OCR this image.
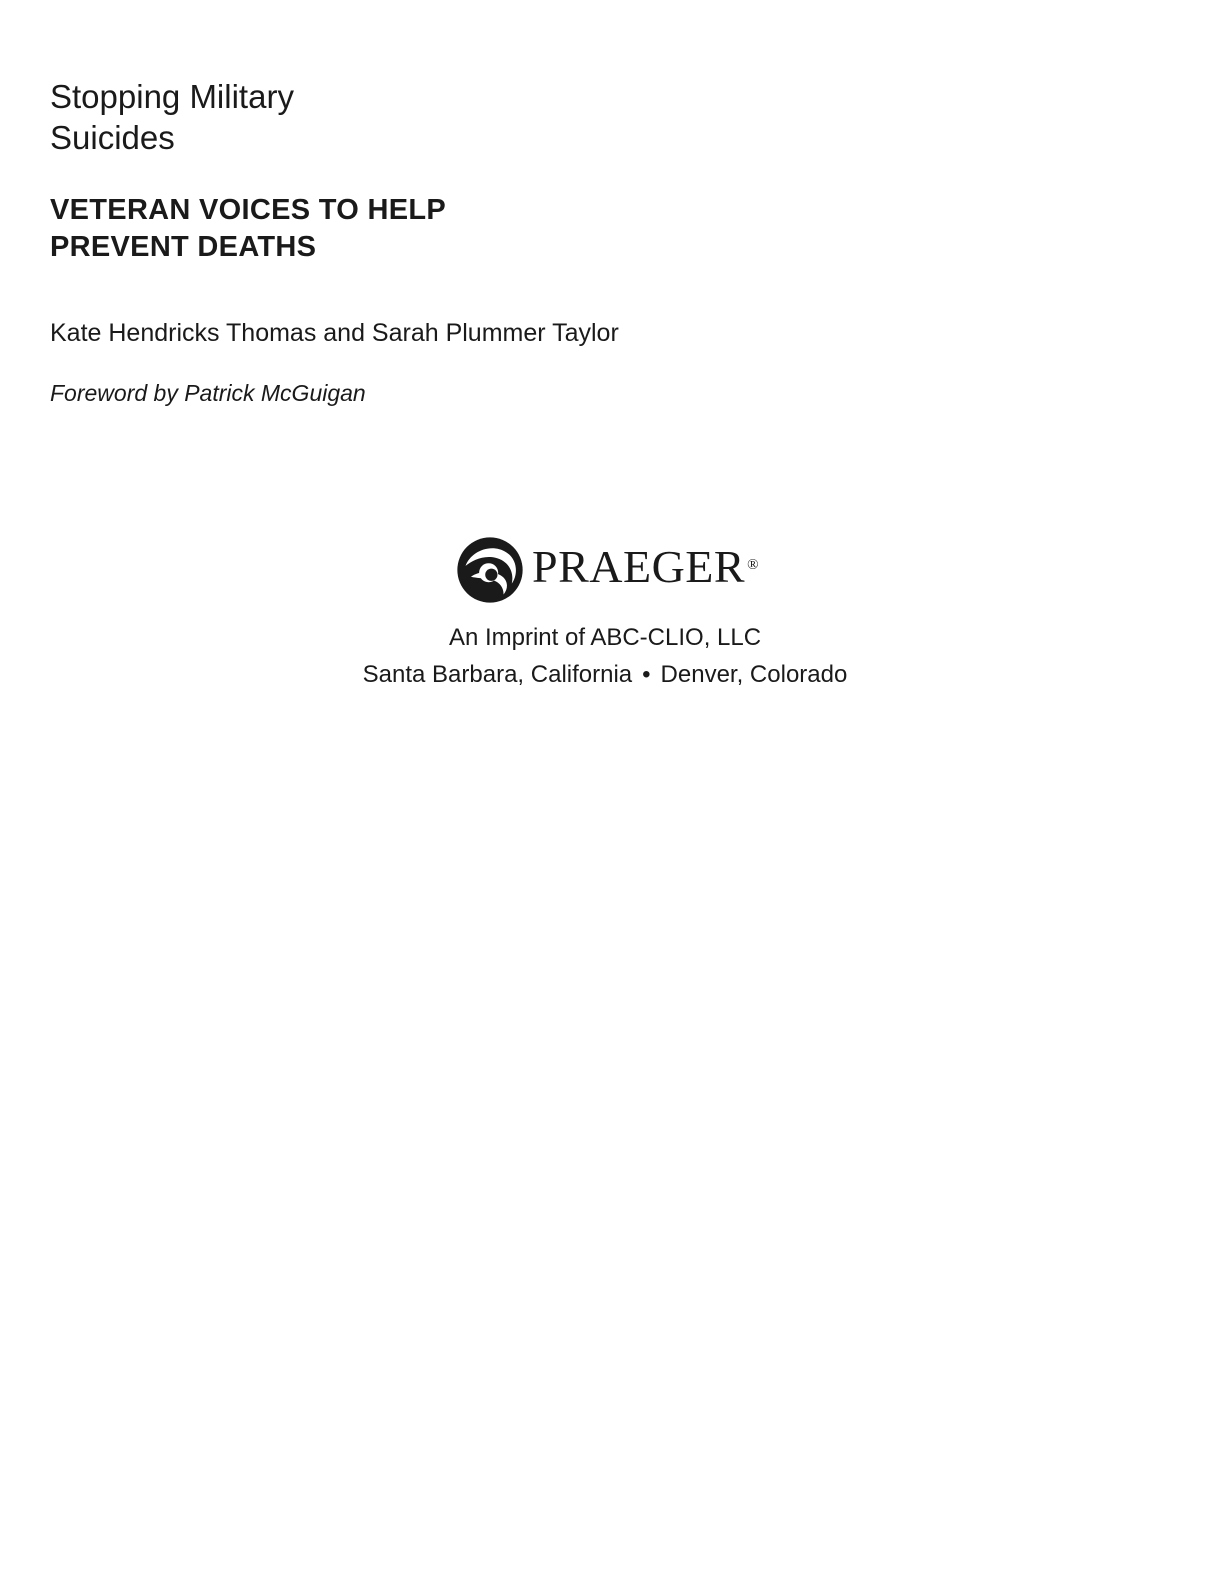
Stopping Military
Suicides
VETERAN VOICES TO HELP
PREVENT DEATHS

Kate Hendricks Thomas and Sarah Plummer Taylor

Foreword by Patrick McGuigan

PRAEGER ®

An Imprint of ABC-CLIO, LLC

Santa Barbara, California • Denver, Colorado
